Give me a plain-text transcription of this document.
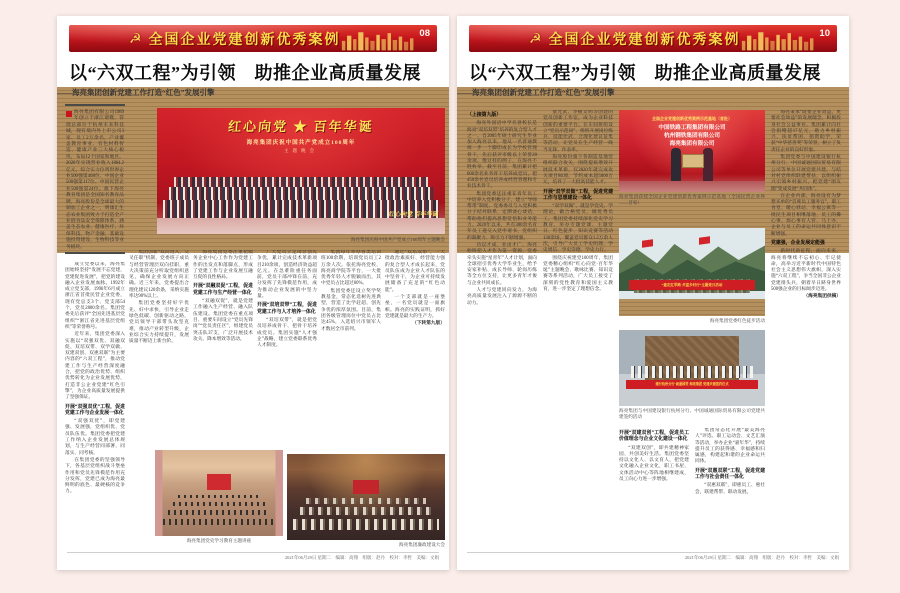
☭ 全国企业党建创新优秀案例	08
以“六双工程”为引领　助推企业高质量发展
——海亮集团创新党建工作打造“红色”发展引擎
海亮集团有限公司1989年创立于浙江诸暨，管理总部位于杭州未来科技城，现有境内外上市公司3家、员工2万余名，产业覆盖教育事业、有色材料智造、健康产业三大核心板块，布局12个国家和地区。2020年实现营业收入1864.2亿元，综合实力位列世界企业500强第468位、中国企业500强第117位、中国民营企业500强第24位。旗下海亮教育集团是全国知名教育品牌，海亮股份是全球最大的铜加工企业之一，明康汇生态农业集团致力于打造全产业链食品安全保障体系，涵盖生态农业、健康医疗、环保科技、物产金融、基础设施投资建设、生物科技等业务板块。
红心向党 ★ 百年华诞
海亮集团庆祝中国共产党成立100周年
主题晚会
红心向党 百年华诞
海亮集团庆祝中国共产党成立100周年主题晚会
成立党委以来，海亮集团始终坚持“发展不忘党建，党建促进发展”，把党的建设融入企业发展血脉。1992年成立党支部，1996年6月成立浙江省首批民营企业党委，现有党总支3个、党支部54个，党员2800余名。集团党委先后获评“全国先进基层党组织”“浙江省先进基层党组织”等荣誉称号。
近年来，集团党委深入实施以“双强双优、双融双促、双培双带、双学双做、双建双创、双惠双联”为主要内容的“六双工程”，推动党建工作与生产经营深度融合，把党的政治优势、组织优势转化为企业发展优势，打造非公企业党建“红色引擎”，为企业高质量发展提供了坚强保证。
开展“双强双优”工程，促进党建工作与企业发展一体化
“双强双优”，即党建强、发展强，党组织优、党员队伍优。集团党委把党建工作纳入企业发展总体规划，与生产经营同部署、同落实、同考核。
在集团党委的坚强领导下，各基层党组织战斗堡垒作用和党员先锋模范作用充分发挥，党建已成为海亮最鲜明的底色、最硬核的竞争力。
集团创新“双向进入、交叉任职”机制，党委班子成员与经营管理层双向挂职，重大决策前充分听取党组织意见，确保企业发展方向正确。近三年来，党委提出合理化建议120余条，采纳实施率达90%以上。
集团党委坚持好字优先、好中求快，引导企业走绿色低碳、创新驱动之路，党员领导干部带头攻坚克难，推动产业转型升级，企业综合实力持续提升，发展质量不断迈上新台阶。
海亮集团党委注重把服务企业中心工作作为党建工作的出发点和落脚点，形成了党建工作与企业发展互融互促的良性格局。
开展“双融双促”工程，促进党建工作与生产经营一体化
“双融双促”，就是党建工作融入生产经营、融入队伍建设。集团党委在重点项目、重要车间设立“党员先锋岗”“党员责任区”，组建党员突击队37支，广泛开展技术攻关、降本增效等活动。
广大党员立足岗位创先争优，累计完成技术革新项目210余项，创造经济效益超亿元。在急难险重任务面前，党员干部冲锋在前，充分发挥了先锋模范作用，成为推动企业发展的中坚力量。
开展“双培双带”工程，促进党建工作与人才培养一体化
“双培双带”，就是把党员培养成骨干、把骨干培养成党员。集团实施“人才强企”战略，建立党委联系优秀人才制度。
集团每年举办各类培训班100余期，培训党员员工2万余人次。依托海亮党校、海亮商学院等平台，一大批优秀年轻人才脱颖而出，其中党员占比超过60%。
集团党委还设立奖学奖教基金，常态化选树先进典型，营造了比学赶超、创先争优的浓厚氛围。目前，集团各级管理岗位中党员占比达45%，入选绍兴市领军人才数居全市前列。
通过“双培双带”，一大批政治素质好、经营能力强的复合型人才成长起来，党员队伍成为企业人才队伍的中坚骨干，为企业可持续发展储备了充足的“红色动能”。
一个支部就是一座堡垒，一名党员就是一面旗帜。海亮的实践证明，抓好党建就是最大的生产力。
（下转第九版）
海亮集团党史学习教育主题讲座
海亮集团廉政建设大会
2021年06月29日 星期二　编辑：高翔　组版：赵丹　校对：李哲　美编：文娟
☭ 全国企业党建创新优秀案例	10
以“六双工程”为引领　助推企业高质量发展
——海亮集团创新党建工作打造“红色”发展引擎
（上接第九版）
海亮外国语中学名誉校长是海亮“双培双带”培养的复合型人才之一。自2005年硕士研究生毕业加入海亮以来，他从一名普通教师一步一个脚印成长为学校管理骨干，先后获评市级以上荣誉20余项。像这样的例子，在海亮不胜枚举。截至目前，集团累计把600余名业务骨干培养成党员，把450余名党员培养成经营管理和专业技术骨干。
集团党委还注重在青年员工中培养入党积极分子，建立“导师帮带”制度，党委委员与入党积极分子结对联系，定期谈心谈话，帮助他们提高思想觉悟和业务能力。2020年以来，共有380余名青年员工递交入党申请书，党组织的凝聚力、吸引力不断增强。
功以才成，业由才广。海亮始终把人才作为第一资源，党委牵头实施“星青年”人才计划，面向全球招引优秀大学毕业生，给予安家补贴、成长导师、轮岗历练等全方位支持，让更多青年才俊与企业共同成长。
人才与党建同向发力，为海亮高质量发展注入了源源不断的动力。
梁允武、李顿文明等创建的党员创新工作室，成为企业科技创新的重要平台。在车间班组设立“党员示范岗”，组织开展岗位练兵、技能比武、合理化建议征集等活动，让党员在生产经营一线当先锋、作表率。
海亮股份旗下各制造基地党组织联合攻关，围绕提质增效开展技术革新，仅2020年就完成攻关项目86项，节约成本超5000万元，培养了一大批高技能人才。
开展“双学双做”工程，促进党建工作与思想建设一体化
“双学双做”，就是学党史、学理论，做合格党员、做优秀员工。集团党委持续深化党史学习教育，举办专题党课、主题党日、红色徒步、知识竞赛等活动130余场，覆盖党员群众1.2万余人次，引导广大员工学史明理、学史增信、学史崇德、学史力行。
围绕庆祝建党100周年，集团党委精心组织“红心向党·百年华诞”主题晚会、歌咏比赛、知识竞赛等系列活动，广大员工接受了深刻的党性教育和爱国主义教育，进一步坚定了理想信念。
全国企业党建创新优秀案例示范基地（首批）
中国铁路工程集团有限公司
杭州钢铁集团有限公司
海亮集团有限公司
海亮集团获授全国企业党建创新优秀案例示范基地（全国民营企业界——首家）
“重走红军路·共富乡村行”主题党日活动
海亮集团党委红色徒步活动
建行杭州分行·诚通国贸·海亮集团 党建共建签约仪式
海亮集团与中国建设银行杭州分行、中国诚通国际贸易有限公司党建共建签约活动
开展“双建双创”工程，促进员工价值理念与企业文化建设一体化
“双建双创”，即共建精神家园、共创美好生活。集团党委坚持以文化人、以文育人，把党建文化融入企业文化，职工书屋、文体活动中心等阵地相继建成，员工向心力进一步增强。
集团常态化开展“最美海亮人”评选、职工运动会、文艺汇演等活动，举办企业“嘉年华”，持续提升员工的获得感、幸福感和归属感，构建起和谐的企业命运共同体。
开展“双惠双联”工程，促进党建工作与社会责任一体化
“双惠双联”，即惠员工、惠社会，联建帮带、联动发展。
海亮秉承“既要企业效益，更要社会效益”的发展理念，积极投身社会公益事业。集团累计向社会捐赠超17亿元，助力乡村振兴、扶贫帮困、捐资助学，荣获“中华慈善奖”等荣誉，树立了负责任企业的良好形象。
集团党委与中国建设银行杭州分行、中国诚通国际贸易有限公司等单位开展党建共建，与结对村党组织联建帮扶，以组织振兴引领乡村振兴，把党建“朋友圈”变成发展“共同体”。
在企业内部，海亮设有为梦想买单的“首席员工服务官”，职工食堂、暖心驿站、幸福公寓等一批民生项目相继落地，员工的操心事、烦心事有人管、马上办，企业与员工的命运共同体意识不断增强。
党建强，企业发展定能强
新时代新征程，面向未来，海亮将继续不忘初心、牢记使命，高举习近平新时代中国特色社会主义思想伟大旗帜，深入实施“六双工程”，争当全国非公企业党建排头兵，朝着早日跻身世界500强企业的目标阔步迈进。
（海亮集团供稿）
2021年06月29日 星期二　编辑：高翔　组版：赵丹　校对：李哲　美编：文娟
